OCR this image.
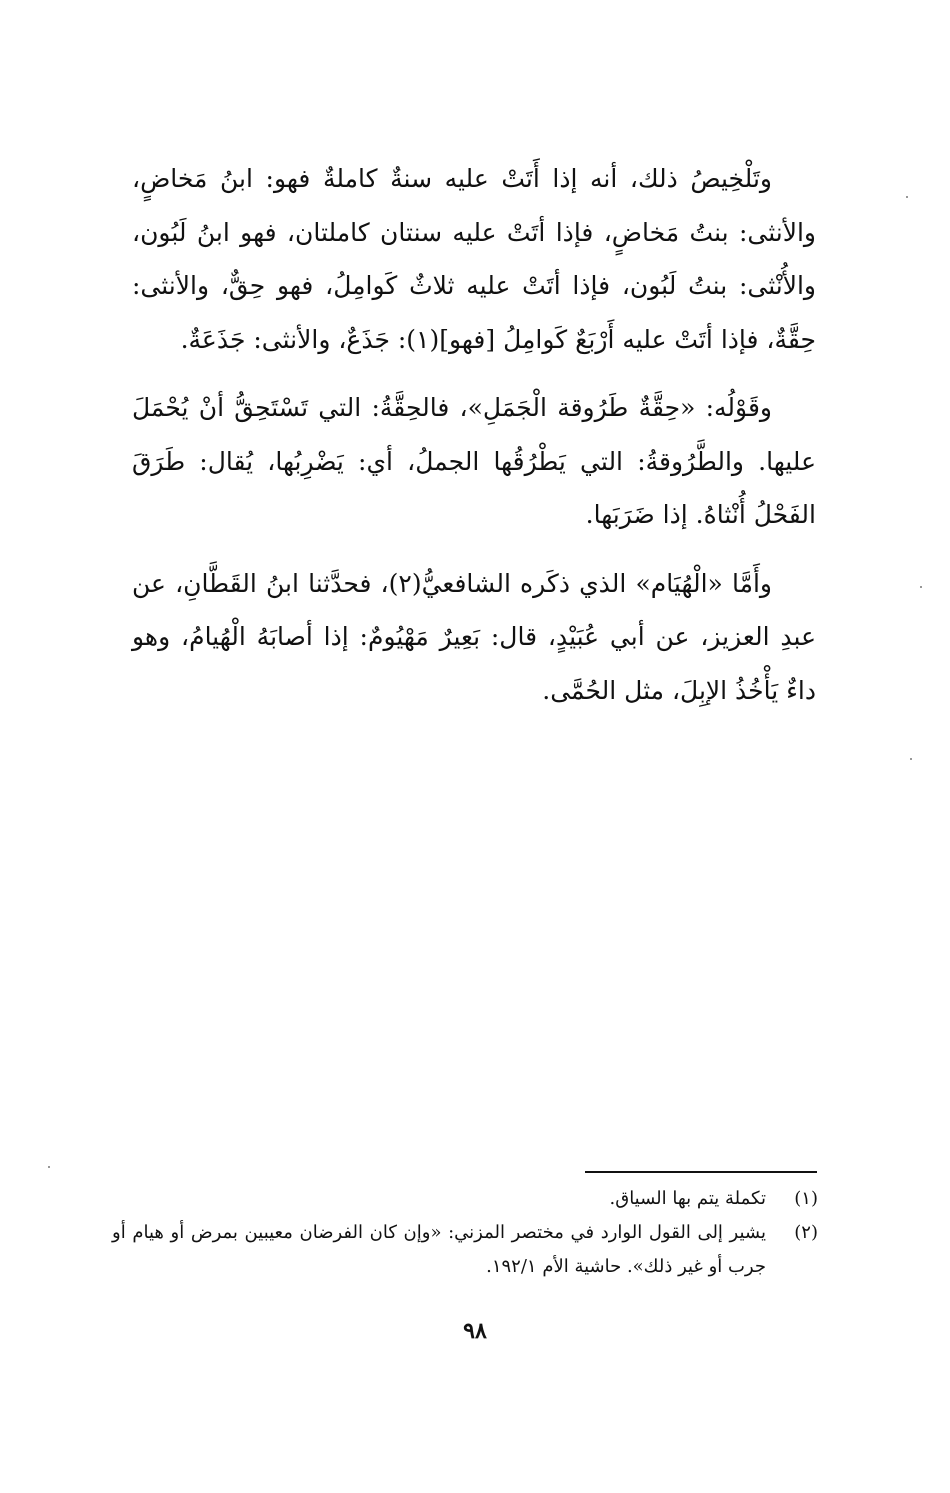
وتَلْخِيصُ ذلك، أنه إذا أَتَتْ عليه سنةٌ كاملةٌ فهو: ابنُ مَخاضٍ، والأنثى: بنتُ مَخاضٍ، فإذا أتَتْ عليه سنتان كاملتان، فهو ابنُ لَبُون، والأُنْثى: بنتُ لَبُون، فإذا أتَتْ عليه ثلاثٌ كَوامِلُ، فهو حِقٌّ، والأنثى: حِقَّةٌ، فإذا أتَتْ عليه أَرْبَعٌ كَوامِلُ [فهو](١): جَذَعٌ، والأنثى: جَذَعَةٌ.

وقَوْلُه: «حِقَّةٌ طَرُوقة الْجَمَلِ»، فالحِقَّةُ: التي تَسْتَحِقُّ أنْ يُحْمَلَ عليها. والطَّرُوقةُ: التي يَطْرُقُها الجملُ، أي: يَضْرِبُها، يُقال: طَرَقَ الفَحْلُ أُنْثاهُ. إذا ضَرَبَها.

وأَمَّا «الْهُيَام» الذي ذكَره الشافعيُّ(٢)، فحدَّثنا ابنُ القَطَّانِ، عن عبدِ العزيز، عن أبي عُبَيْدٍ، قال: بَعِيرٌ مَهْيُومٌ: إذا أصابَهُ الْهُيامُ، وهو داءٌ يَأْخُذُ الإبِلَ، مثل الحُمَّى.

(١)
تكملة يتم بها السياق.
(٢)
يشير إلى القول الوارد في مختصر المزني: «وإن كان الفرضان معيبين بمرض أو هيام أو جرب أو غير ذلك». حاشية الأم ١٩٢/١.
٩٨
